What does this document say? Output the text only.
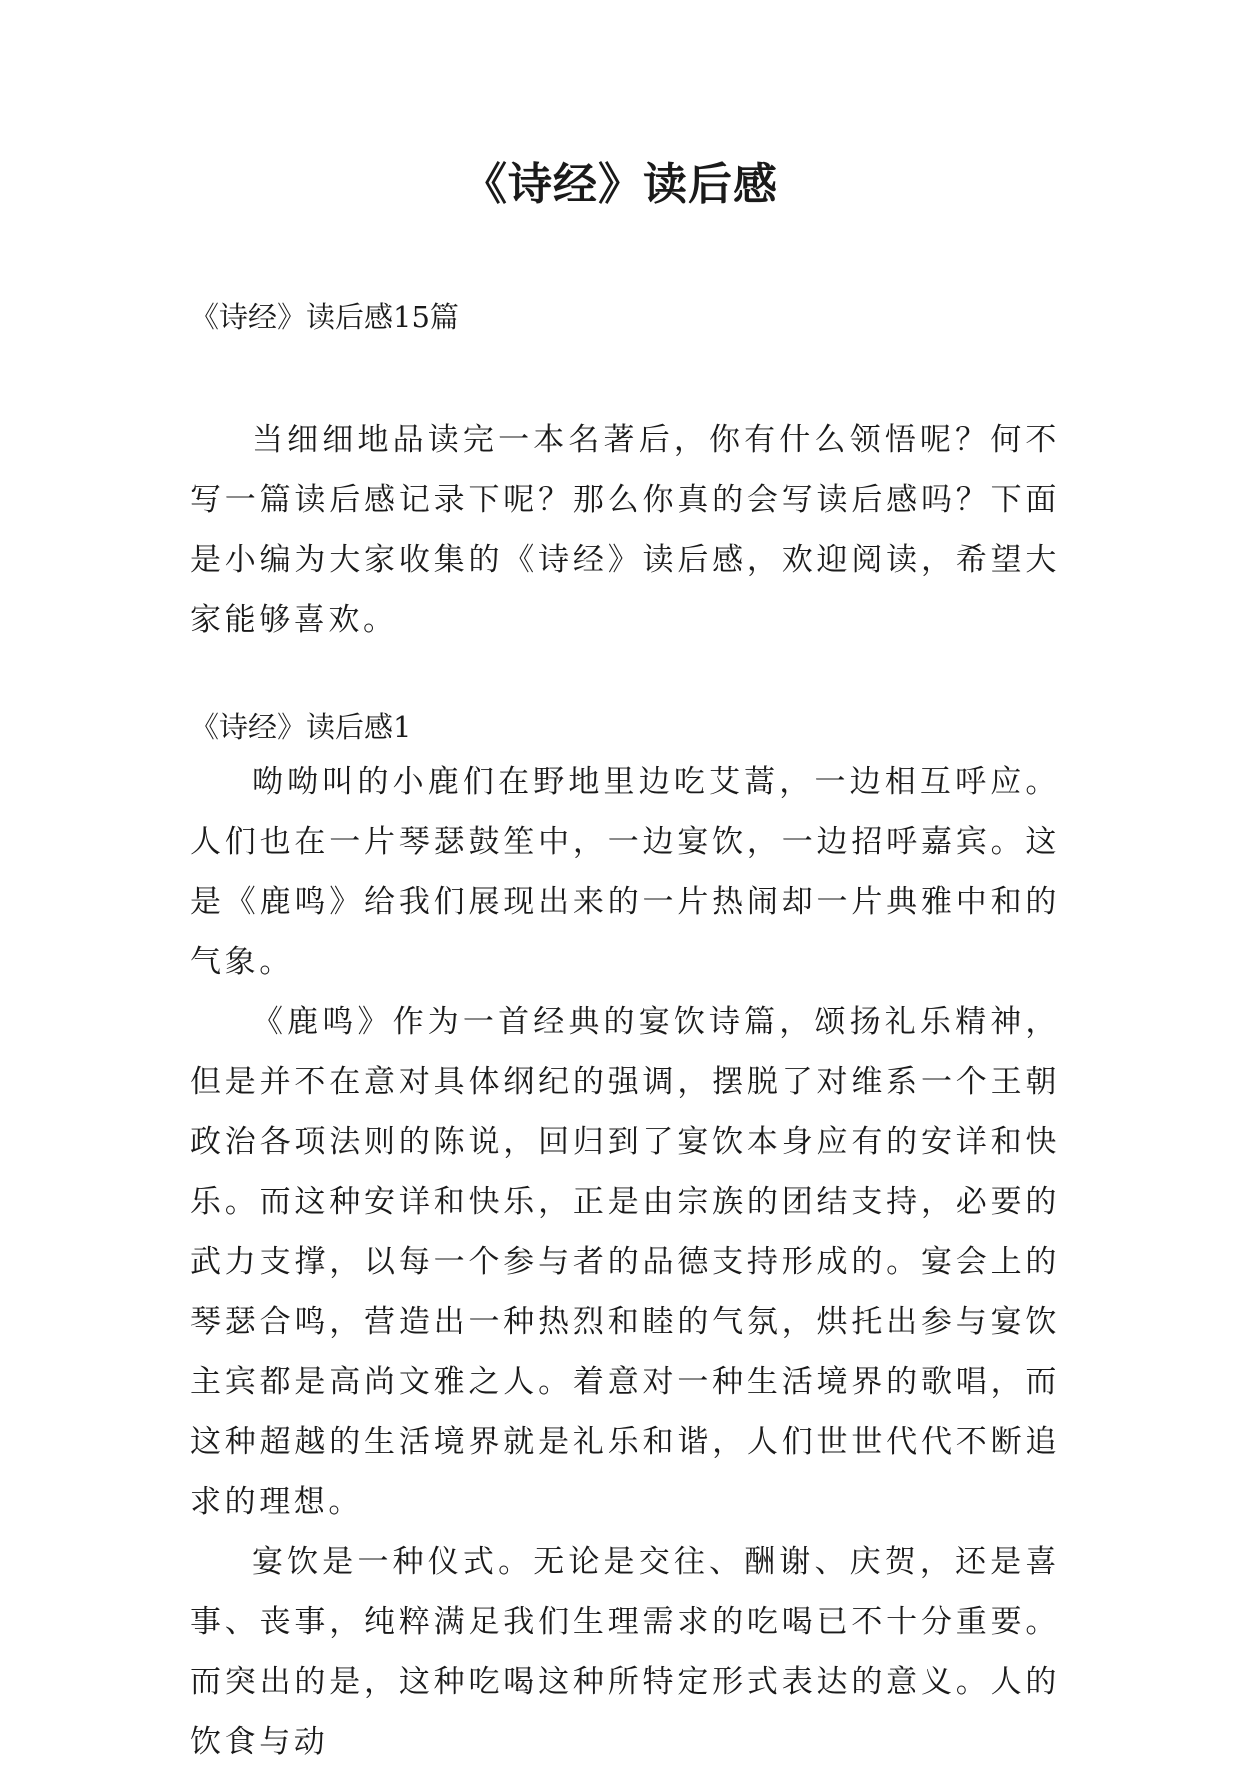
《诗经》读后感

《诗经》读后感15篇

当细细地品读完一本名著后，你有什么领悟呢？何不写一篇读后感记录下呢？那么你真的会写读后感吗？下面是小编为大家收集的《诗经》读后感，欢迎阅读，希望大家能够喜欢。

《诗经》读后感1

呦呦叫的小鹿们在野地里边吃艾蒿，一边相互呼应。人们也在一片琴瑟鼓笙中，一边宴饮，一边招呼嘉宾。这是《鹿鸣》给我们展现出来的一片热闹却一片典雅中和的气象。

《鹿鸣》作为一首经典的宴饮诗篇，颂扬礼乐精神，但是并不在意对具体纲纪的强调，摆脱了对维系一个王朝政治各项法则的陈说，回归到了宴饮本身应有的安详和快乐。而这种安详和快乐，正是由宗族的团结支持，必要的武力支撑，以每一个参与者的品德支持形成的。宴会上的琴瑟合鸣，营造出一种热烈和睦的气氛，烘托出参与宴饮主宾都是高尚文雅之人。着意对一种生活境界的歌唱，而这种超越的生活境界就是礼乐和谐，人们世世代代不断追求的理想。

宴饮是一种仪式。无论是交往、酬谢、庆贺，还是喜事、丧事，纯粹满足我们生理需求的吃喝已不十分重要。而突出的是，这种吃喝这种所特定形式表达的意义。人的饮食与动
